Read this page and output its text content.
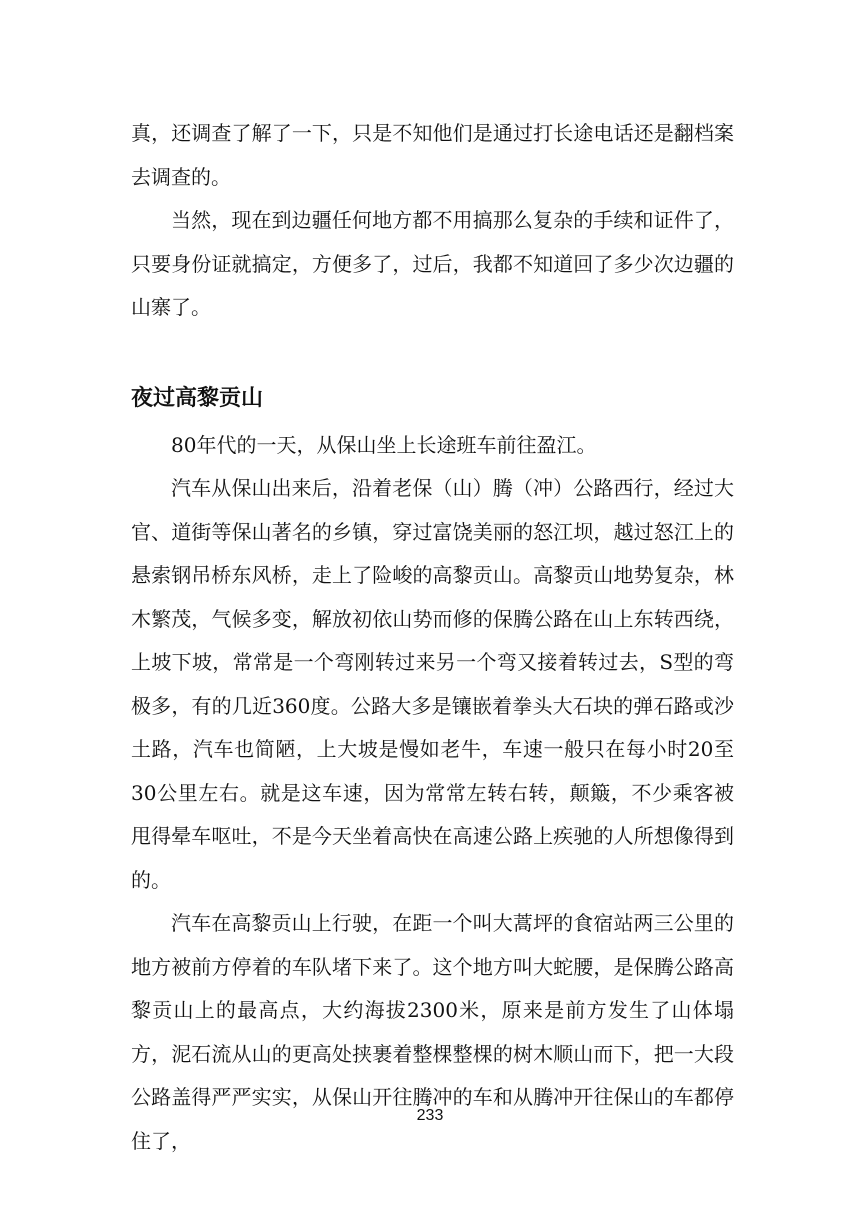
真，还调查了解了一下，只是不知他们是通过打长途电话还是翻档案去调查的。

当然，现在到边疆任何地方都不用搞那么复杂的手续和证件了，只要身份证就搞定，方便多了，过后，我都不知道回了多少次边疆的山寨了。

夜过高黎贡山

80年代的一天，从保山坐上长途班车前往盈江。

汽车从保山出来后，沿着老保（山）腾（冲）公路西行，经过大官、道街等保山著名的乡镇，穿过富饶美丽的怒江坝，越过怒江上的悬索钢吊桥东风桥，走上了险峻的高黎贡山。高黎贡山地势复杂，林木繁茂，气候多变，解放初依山势而修的保腾公路在山上东转西绕，上坡下坡，常常是一个弯刚转过来另一个弯又接着转过去，S型的弯极多，有的几近360度。公路大多是镶嵌着拳头大石块的弹石路或沙土路，汽车也简陋，上大坡是慢如老牛，车速一般只在每小时20至30公里左右。就是这车速，因为常常左转右转，颠簸，不少乘客被甩得晕车呕吐，不是今天坐着高快在高速公路上疾驰的人所想像得到的。

汽车在高黎贡山上行驶，在距一个叫大蒿坪的食宿站两三公里的地方被前方停着的车队堵下来了。这个地方叫大蛇腰，是保腾公路高黎贡山上的最高点，大约海拔2300米，原来是前方发生了山体塌方，泥石流从山的更高处挟裹着整棵整棵的树木顺山而下，把一大段公路盖得严严实实，从保山开往腾冲的车和从腾冲开往保山的车都停住了，

233
